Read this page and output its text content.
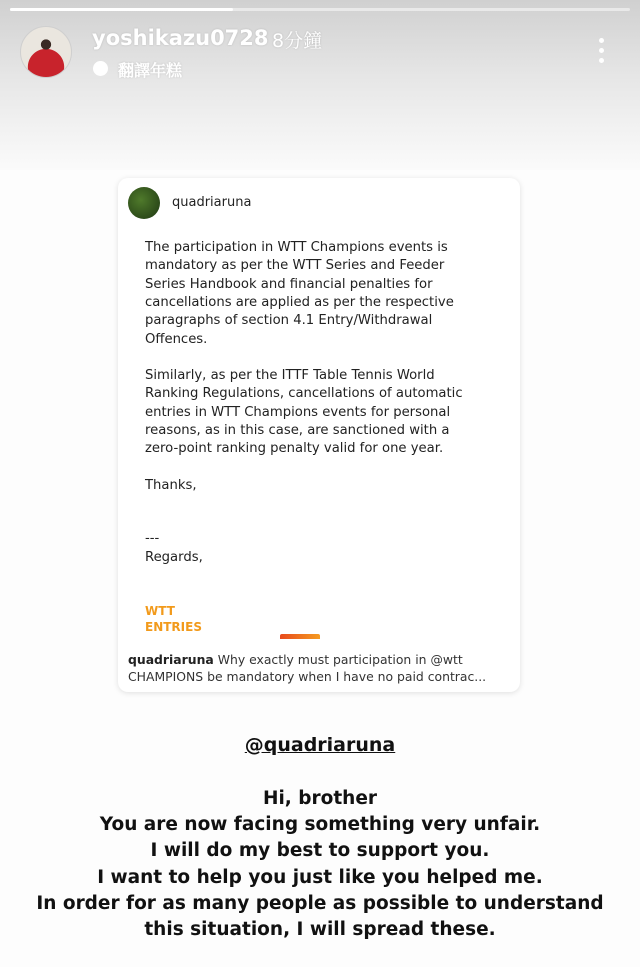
yoshikazu0728 8分鐘
翻譯年糕
quadriaruna
The participation in WTT Champions events is
mandatory as per the WTT Series and Feeder
Series Handbook and financial penalties for
cancellations are applied as per the respective
paragraphs of section 4.1 Entry/Withdrawal
Offences.
Similarly, as per the ITTF Table Tennis World
Ranking Regulations, cancellations of automatic
entries in WTT Champions events for personal
reasons, as in this case, are sanctioned with a
zero-point ranking penalty valid for one year.
Thanks,
---
Regards,
WTT
ENTRIES
quadriaruna Why exactly must participation in @wtt
CHAMPIONS be mandatory when I have no paid contrac...
@quadriaruna
Hi, brother
You are now facing something very unfair.
I will do my best to support you.
I want to help you just like you helped me.
In order for as many people as possible to understand
this situation, I will spread these.
